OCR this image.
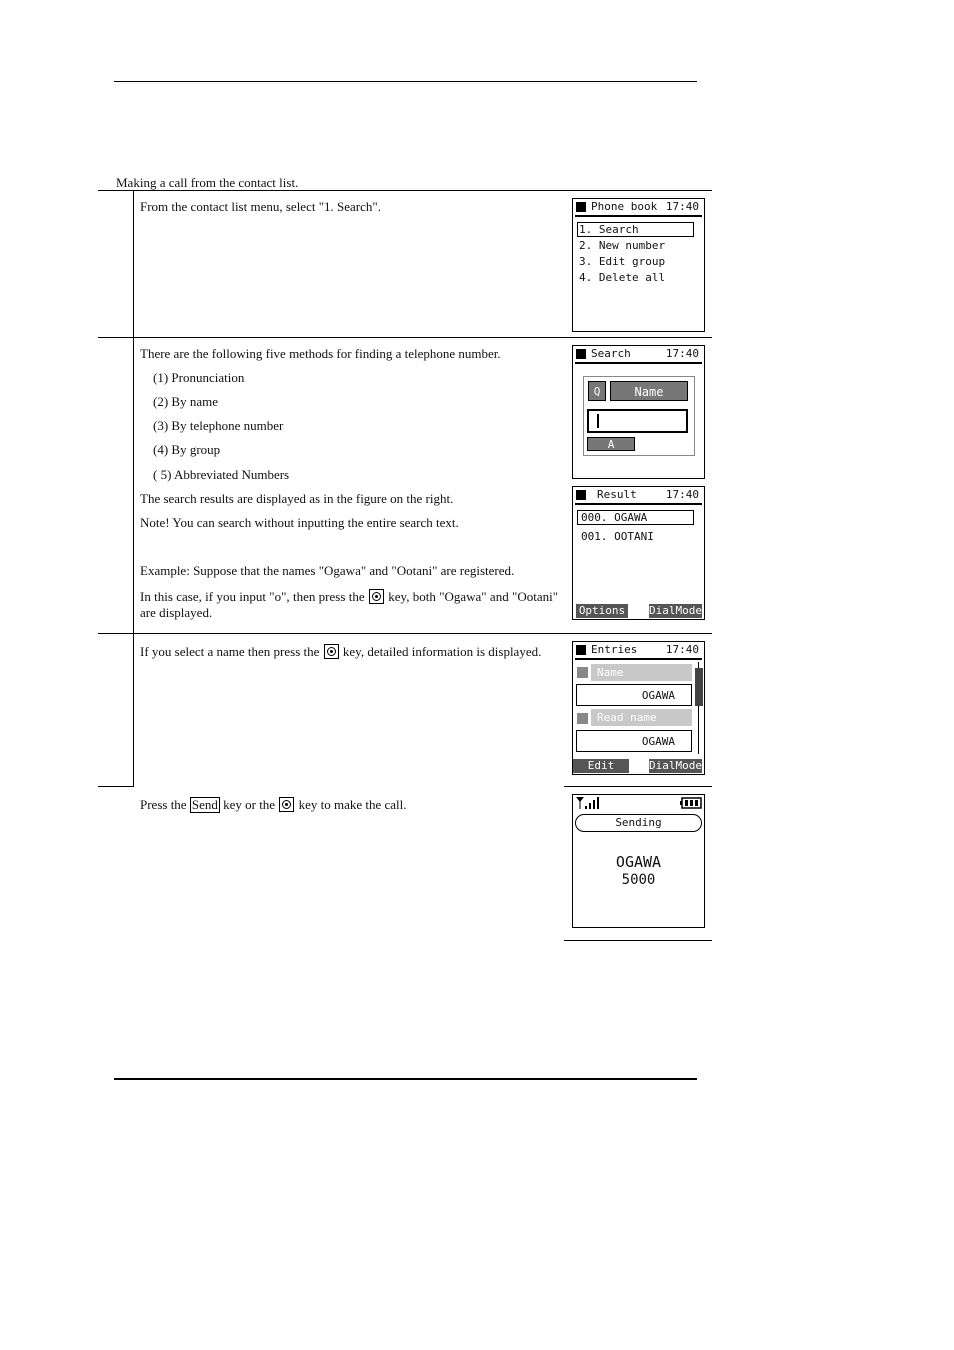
Making a call from the contact list.
From the contact list menu, select "1. Search".	Phone book 17:40
1. Search
2. New number
3. Edit group
4. Delete all
There are the following five methods for finding a telephone number.
(1) Pronunciation
(2) By name
(3) By telephone number
(4) By group
( 5) Abbreviated Numbers
The search results are displayed as in the figure on the right.
Note! You can search without inputting the entire search text.
Example: Suppose that the names "Ogawa" and "Ootani" are registered.
In this case, if you input "o", then press the key, both "Ogawa" and "Ootani" are displayed.
Search	17:40
Q	Name
A
Result	17:40
000. OGAWA
001. OOTANI
Options DialMode
If you select a name then press the key, detailed information is displayed.	Entries	17:40
Name
OGAWA
Read name
OGAWA
Edit	DialMode
Press the Send key or the key to make the call.
Sending
OGAWA
5000
